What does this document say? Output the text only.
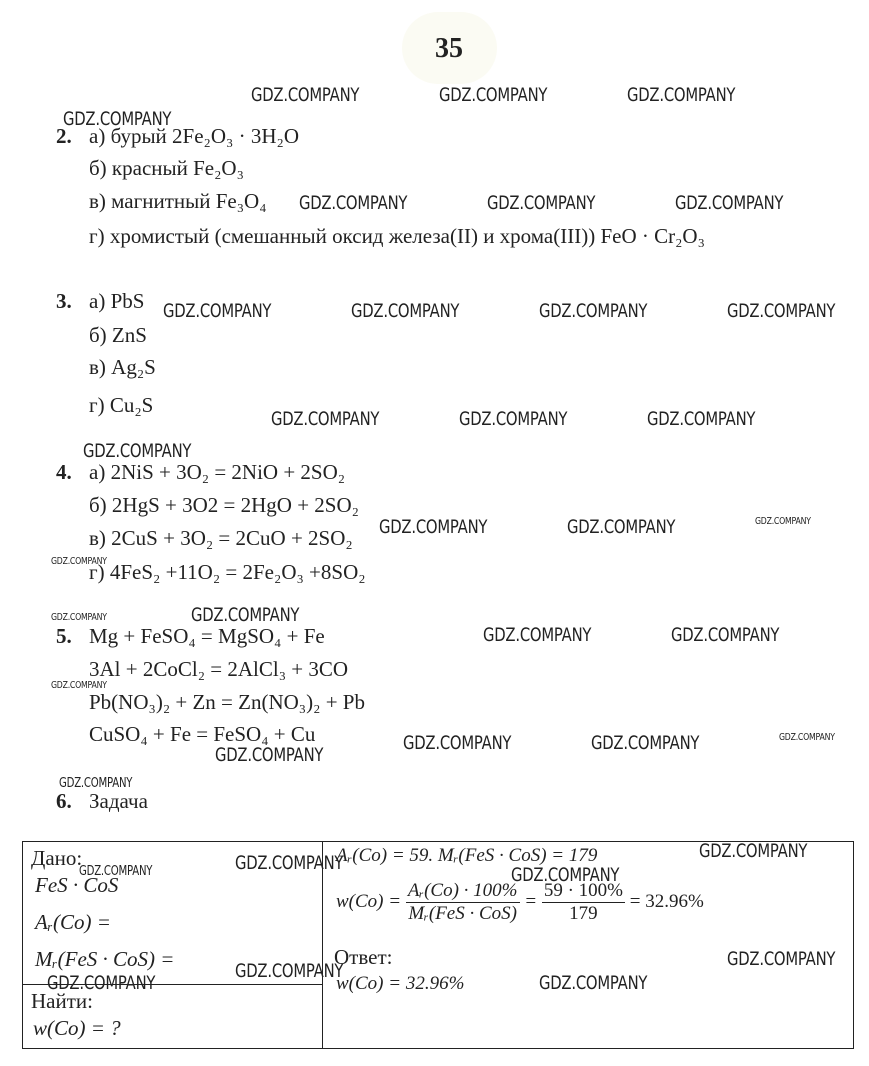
35
2. а) бурый 2Fe₂O₃ · 3H₂O
б) красный Fe₂O₃
в) магнитный Fe₃O₄
г) хромистый (смешанный оксид железа(II) и хрома(III)) FeO · Cr₂O₃
3. а) PbS
б) ZnS
в) Ag₂S
г) Cu₂S
4. а) 2NiS + 3O₂ = 2NiO + 2SO₂
б) 2HgS + 3O2 = 2HgO + 2SO₂
в) 2CuS + 3O₂ = 2CuO + 2SO₂
г) 4FeS₂ +11O₂ = 2Fe₂O₃ +8SO₂
5. Mg + FeSO₄ = MgSO₄ + Fe
3Al + 2CoCl₂ = 2AlCl₃ + 3CO
Pb(NO₃)₂ + Zn = Zn(NO₃)₂ + Pb
CuSO₄ + Fe = FeSO₄ + Cu
6. Задача
Дано:
FeS · CoS
Aᵣ(Co) =
Mᵣ(FeS · CoS) =
Найти:
w(Co) = ?
Aᵣ(Co) = 59. Mᵣ(FeS · CoS) = 179
$w(Co) = \frac{\text{Aᵣ(Co) · 100\%}}{\text{Mᵣ(FeS · CoS)}} = \frac{59 \cdot 100\%}{179} = 32.96\%$
Ответ:
w(Co) = 32.96%
GDZ.COMPANY
GDZ.COMPANY	GDZ.COMPANY	GDZ.COMPANY
GDZ.COMPANY	GDZ.COMPANY	GDZ.COMPANY
GDZ.COMPANY	GDZ.COMPANY	GDZ.COMPANY	GDZ.COMPANY
GDZ.COMPANY	GDZ.COMPANY	GDZ.COMPANY
GDZ.COMPANY
GDZ.COMPANY	GDZ.COMPANY	GDZ.COMPANY
GDZ.COMPANY
GDZ.COMPANY
GDZ.COMPANY
GDZ.COMPANY	GDZ.COMPANY
GDZ.COMPANY
GDZ.COMPANY	GDZ.COMPANY	GDZ.COMPANY
GDZ.COMPANY
GDZ.COMPANY
GDZ.COMPANY
GDZ.COMPANY
GDZ.COMPANY	GDZ.COMPANY
GDZ.COMPANY
GDZ.COMPANY
GDZ.COMPANY
GDZ.COMPANY
